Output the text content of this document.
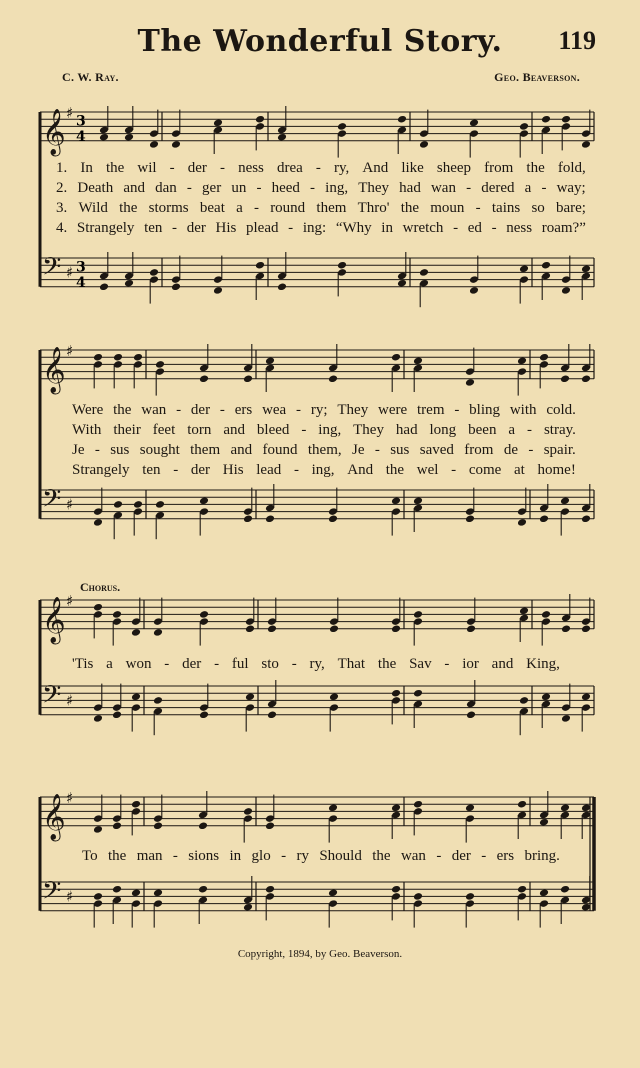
The Wonderful Story.	119
C. W. Ray.	Geo. Beaverson.
𝄞 ♯
𝄢 ♯
3
4
3
4
𝄞 ♯
𝄢 ♯
𝄞 ♯
𝄢 ♯
𝄞 ♯
𝄢 ♯
1. In the wil - der - ness drea - ry, And like sheep from the fold,
2. Death and dan - ger un - heed - ing, They had wan - dered a - way;
3. Wild the storms beat a - round them Thro' the moun - tains so bare;
4. Strangely ten - der His plead - ing: “Why in wretch - ed - ness roam?”
Were the wan - der - ers wea - ry; They were trem - bling with cold.
With their feet torn and bleed - ing, They had long been a - stray.
Je - sus sought them and found them, Je - sus saved from de - spair.
Strangely ten - der His lead - ing, And the wel - come at home!
Chorus.
'Tis a won - der - ful sto - ry, That the Sav - ior and King,
To the man - sions in glo - ry Should the wan - der - ers bring.
Copyright, 1894, by Geo. Beaverson.
